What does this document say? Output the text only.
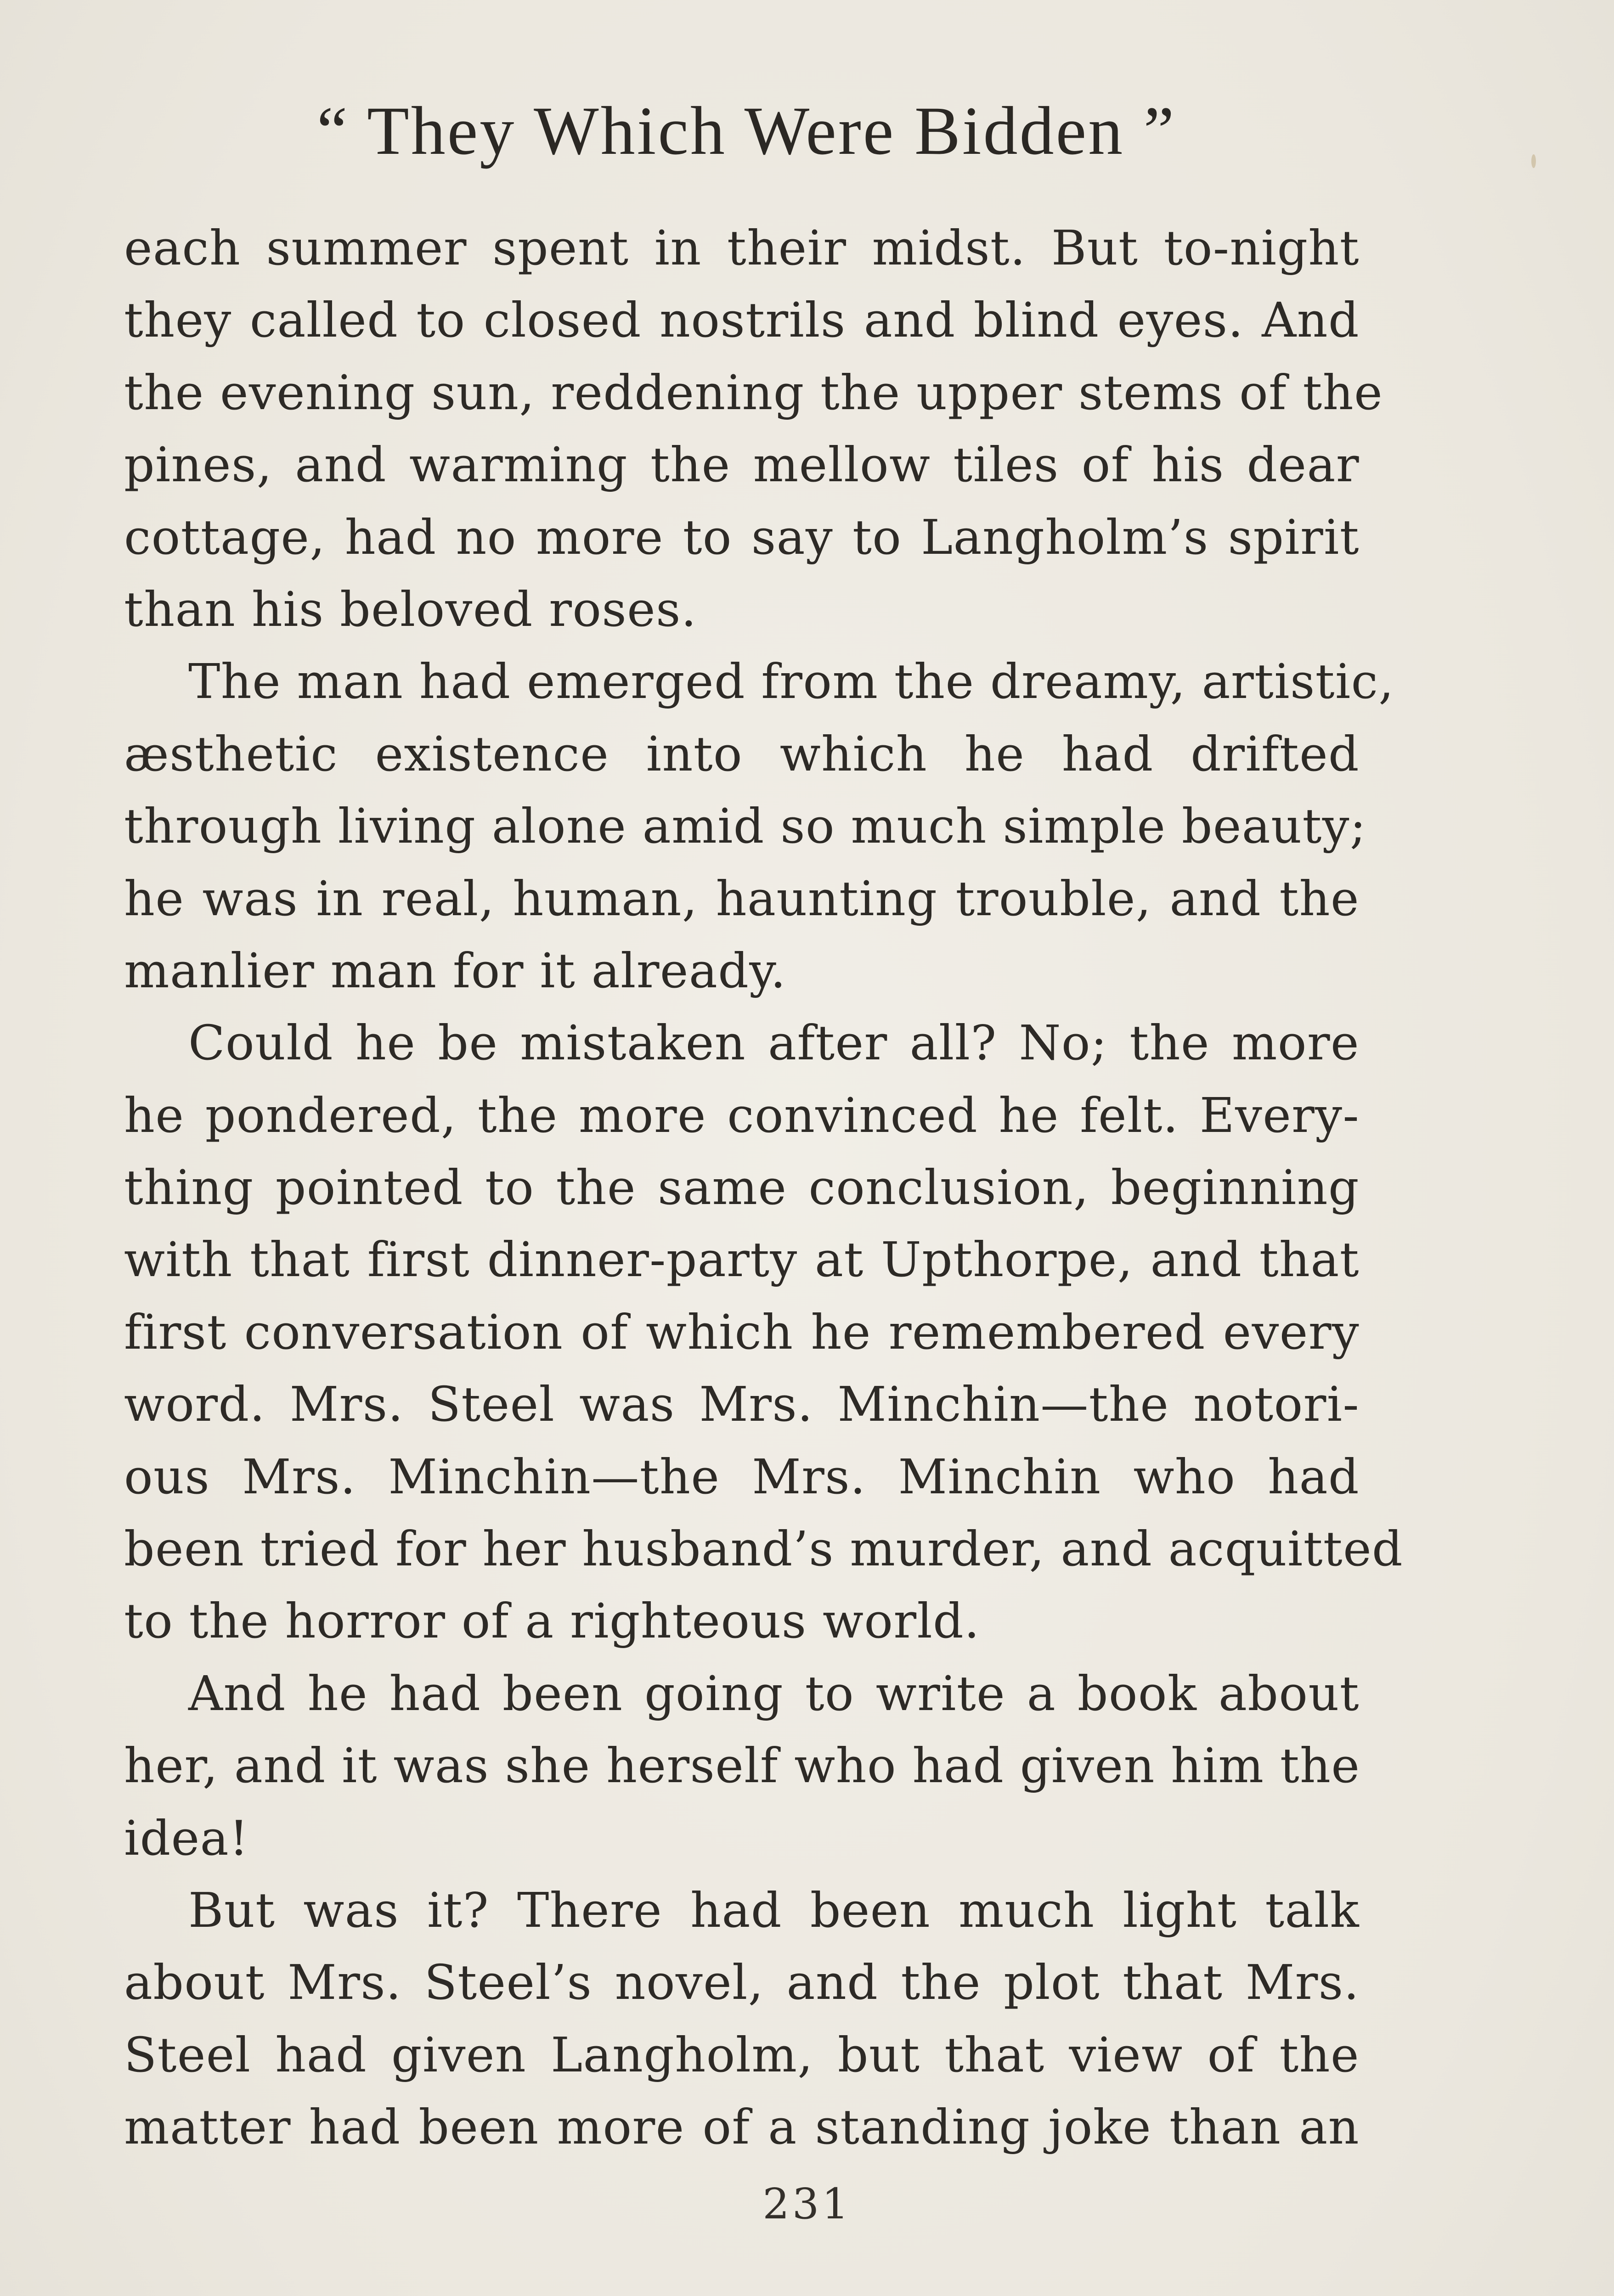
“ They Which Were Bidden ”
each summer spent in their midst. But to-night
they called to closed nostrils and blind eyes. And
the evening sun, reddening the upper stems of the
pines, and warming the mellow tiles of his dear
cottage, had no more to say to Langholm’s spirit
than his beloved roses.
The man had emerged from the dreamy, artistic,
æsthetic existence into which he had drifted
through living alone amid so much simple beauty;
he was in real, human, haunting trouble, and the
manlier man for it already.
Could he be mistaken after all? No; the more
he pondered, the more convinced he felt. Every-
thing pointed to the same conclusion, beginning
with that first dinner-party at Upthorpe, and that
first conversation of which he remembered every
word. Mrs. Steel was Mrs. Minchin—the notori-
ous Mrs. Minchin—the Mrs. Minchin who had
been tried for her husband’s murder, and acquitted
to the horror of a righteous world.
And he had been going to write a book about
her, and it was she herself who had given him the
idea!
But was it? There had been much light talk
about Mrs. Steel’s novel, and the plot that Mrs.
Steel had given Langholm, but that view of the
matter had been more of a standing joke than an
231
